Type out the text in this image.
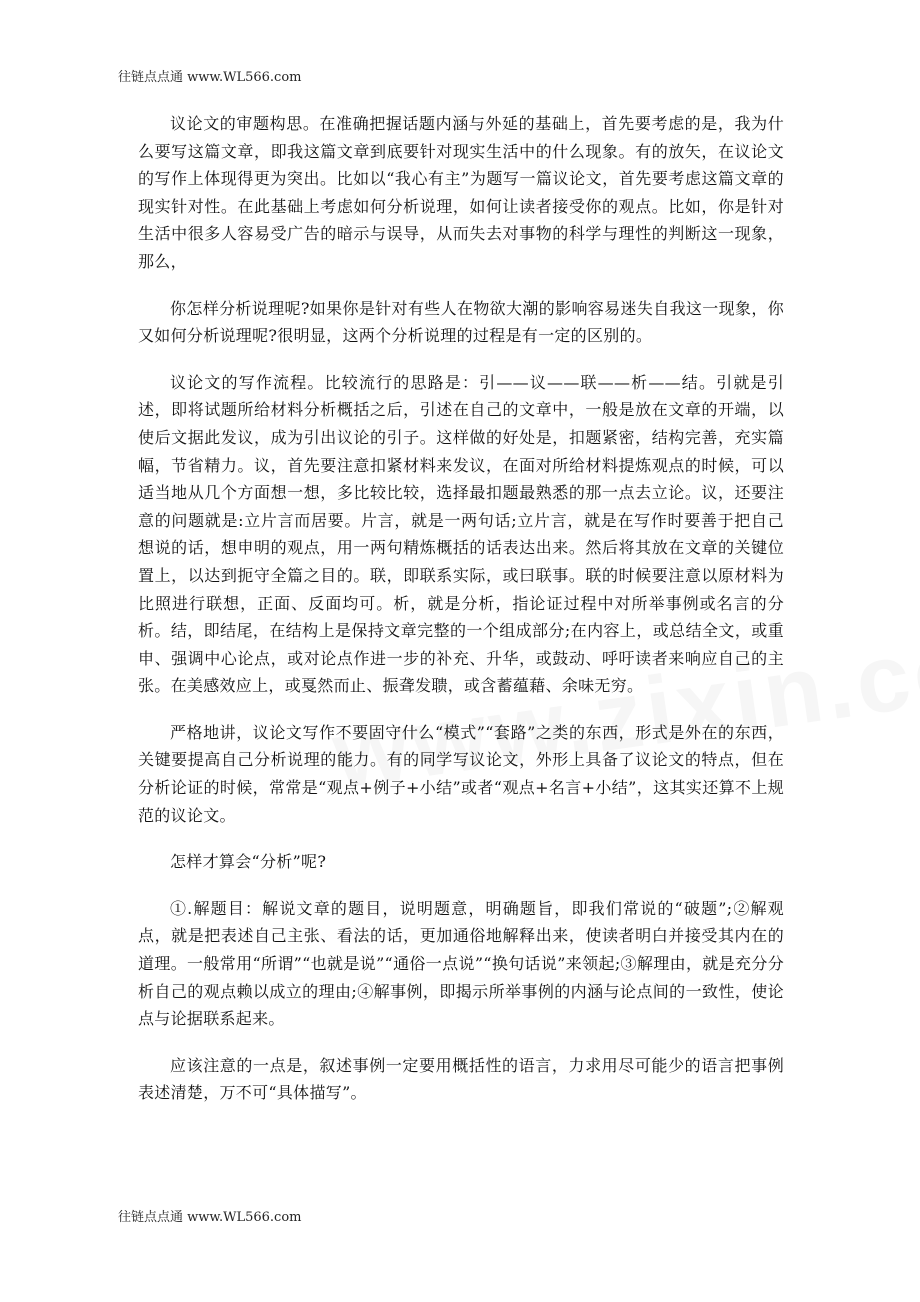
往链点点通 www.WL566.com

议论文的审题构思。在准确把握话题内涵与外延的基础上，首先要考虑的是，我为什么要写这篇文章，即我这篇文章到底要针对现实生活中的什么现象。有的放矢，在议论文的写作上体现得更为突出。比如以“我心有主”为题写一篇议论文，首先要考虑这篇文章的现实针对性。在此基础上考虑如何分析说理，如何让读者接受你的观点。比如，你是针对生活中很多人容易受广告的暗示与误导，从而失去对事物的科学与理性的判断这一现象，那么，

你怎样分析说理呢?如果你是针对有些人在物欲大潮的影响容易迷失自我这一现象，你又如何分析说理呢?很明显，这两个分析说理的过程是有一定的区别的。

议论文的写作流程。比较流行的思路是：引——议——联——析——结。引就是引述，即将试题所给材料分析概括之后，引述在自己的文章中，一般是放在文章的开端，以使后文据此发议，成为引出议论的引子。这样做的好处是，扣题紧密，结构完善，充实篇幅，节省精力。议，首先要注意扣紧材料来发议，在面对所给材料提炼观点的时候，可以适当地从几个方面想一想，多比较比较，选择最扣题最熟悉的那一点去立论。议，还要注意的问题就是:立片言而居要。片言，就是一两句话;立片言，就是在写作时要善于把自己想说的话，想申明的观点，用一两句精炼概括的话表达出来。然后将其放在文章的关键位置上，以达到扼守全篇之目的。联，即联系实际，或曰联事。联的时候要注意以原材料为比照进行联想，正面、反面均可。析，就是分析，指论证过程中对所举事例或名言的分析。结，即结尾，在结构上是保持文章完整的一个组成部分;在内容上，或总结全文，或重申、强调中心论点，或对论点作进一步的补充、升华，或鼓动、呼吁读者来响应自己的主张。在美感效应上，或戛然而止、振聋发聩，或含蓄蕴藉、余味无穷。

严格地讲，议论文写作不要固守什么“模式”“套路”之类的东西，形式是外在的东西，关键要提高自己分析说理的能力。有的同学写议论文，外形上具备了议论文的特点，但在分析论证的时候，常常是“观点+例子+小结”或者“观点+名言+小结”，这其实还算不上规范的议论文。

怎样才算会“分析”呢?

①.解题目：解说文章的题目，说明题意，明确题旨，即我们常说的“破题”;②解观点，就是把表述自己主张、看法的话，更加通俗地解释出来，使读者明白并接受其内在的道理。一般常用“所谓”“也就是说”“通俗一点说”“换句话说”来领起;③解理由，就是充分分析自己的观点赖以成立的理由;④解事例，即揭示所举事例的内涵与论点间的一致性，使论点与论据联系起来。

应该注意的一点是，叙述事例一定要用概括性的语言，力求用尽可能少的语言把事例表述清楚，万不可“具体描写”。

往链点点通 www.WL566.com
